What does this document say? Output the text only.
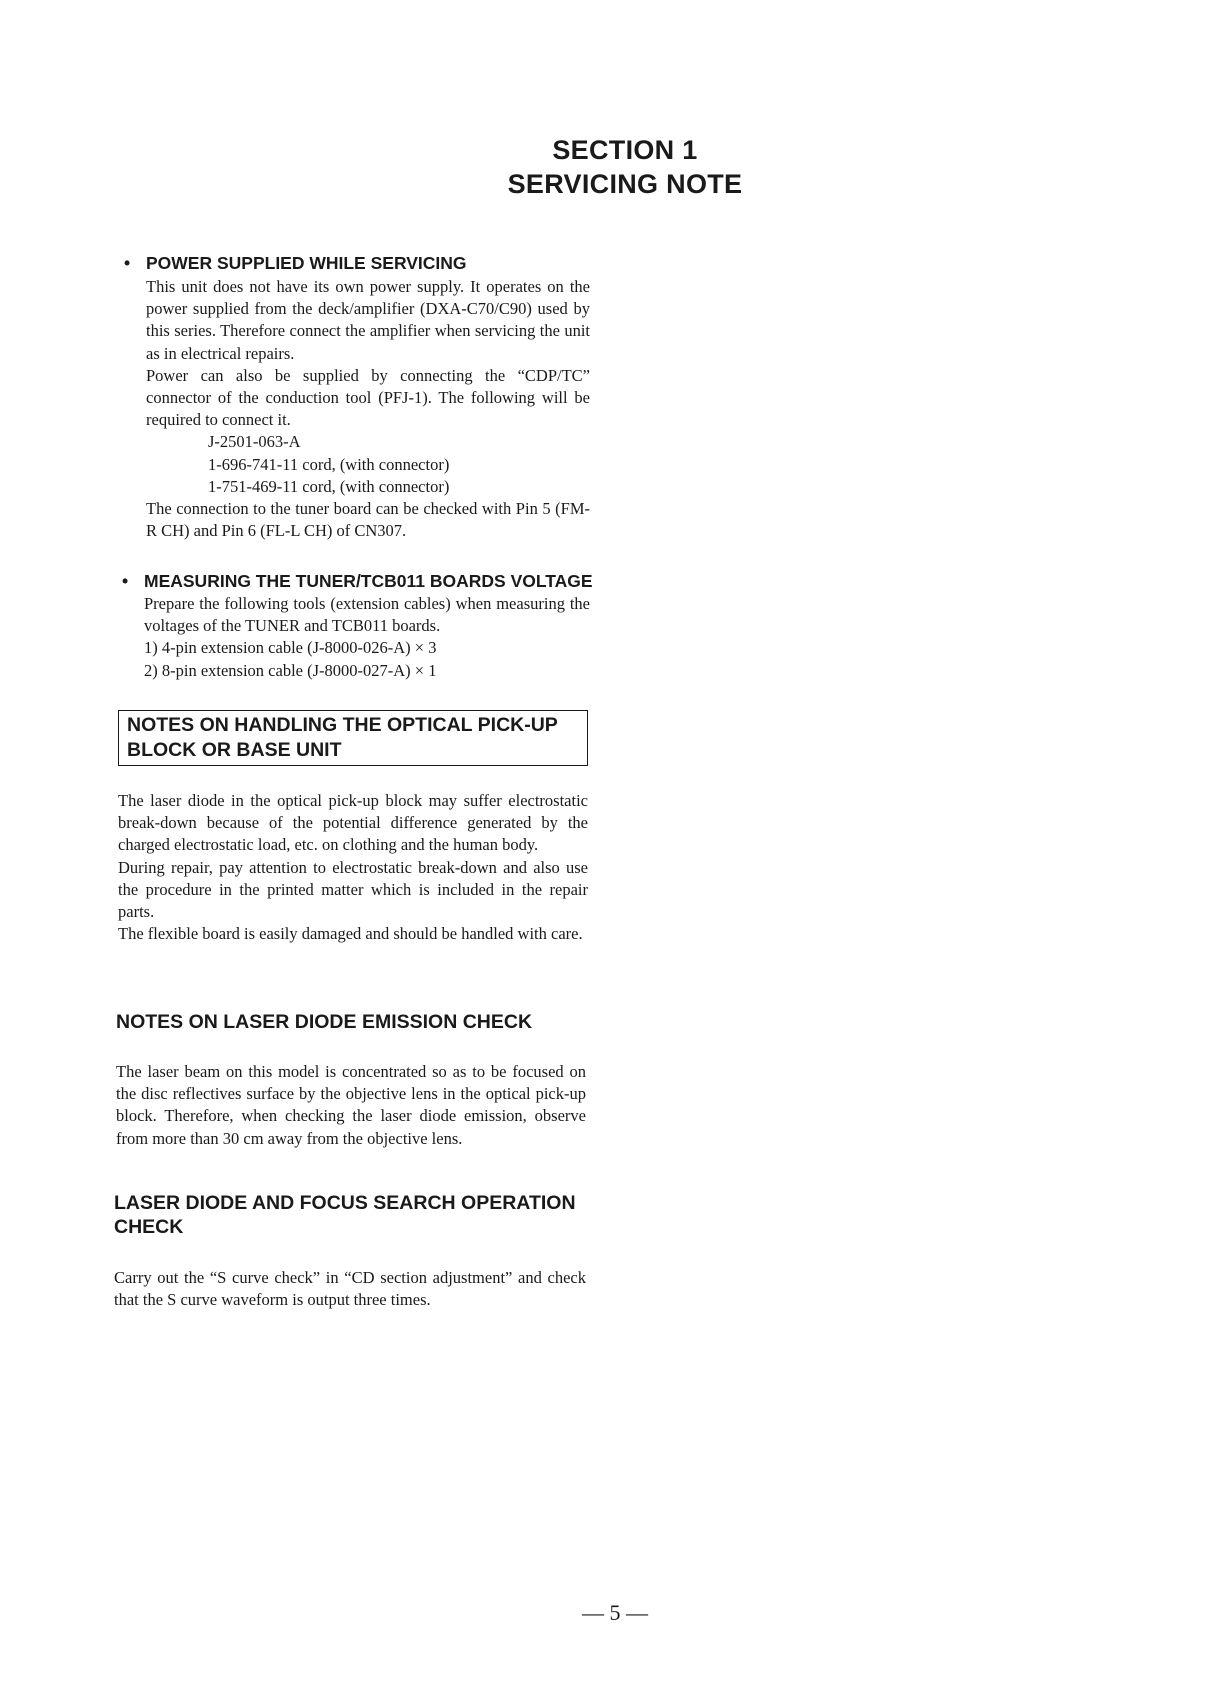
SECTION 1
SERVICING NOTE
• POWER SUPPLIED WHILE SERVICING

This unit does not have its own power supply. It operates on the power supplied from the deck/amplifier (DXA-C70/C90) used by this series. Therefore connect the amplifier when servicing the unit as in electrical repairs.

Power can also be supplied by connecting the “CDP/TC” connector of the conduction tool (PFJ-1). The following will be required to connect it.

J-2501-063-A

1-696-741-11 cord, (with connector)

1-751-469-11 cord, (with connector)

The connection to the tuner board can be checked with Pin 5 (FM-R CH) and Pin 6 (FL-L CH) of CN307.

• MEASURING THE TUNER/TCB011 BOARDS VOLTAGE

Prepare the following tools (extension cables) when measuring the voltages of the TUNER and TCB011 boards.

1) 4-pin extension cable (J-8000-026-A) × 3

2) 8-pin extension cable (J-8000-027-A) × 1

NOTES ON HANDLING THE OPTICAL PICK-UP
BLOCK OR BASE UNIT

The laser diode in the optical pick-up block may suffer electrostatic break-down because of the potential difference generated by the charged electrostatic load, etc. on clothing and the human body.

During repair, pay attention to electrostatic break-down and also use the procedure in the printed matter which is included in the repair parts.

The flexible board is easily damaged and should be handled with care.

NOTES ON LASER DIODE EMISSION CHECK

The laser beam on this model is concentrated so as to be focused on the disc reflectives surface by the objective lens in the optical pick-up block. Therefore, when checking the laser diode emission, observe from more than 30 cm away from the objective lens.

LASER DIODE AND FOCUS SEARCH OPERATION
CHECK

Carry out the “S curve check” in “CD section adjustment” and check that the S curve waveform is output three times.

— 5 —
